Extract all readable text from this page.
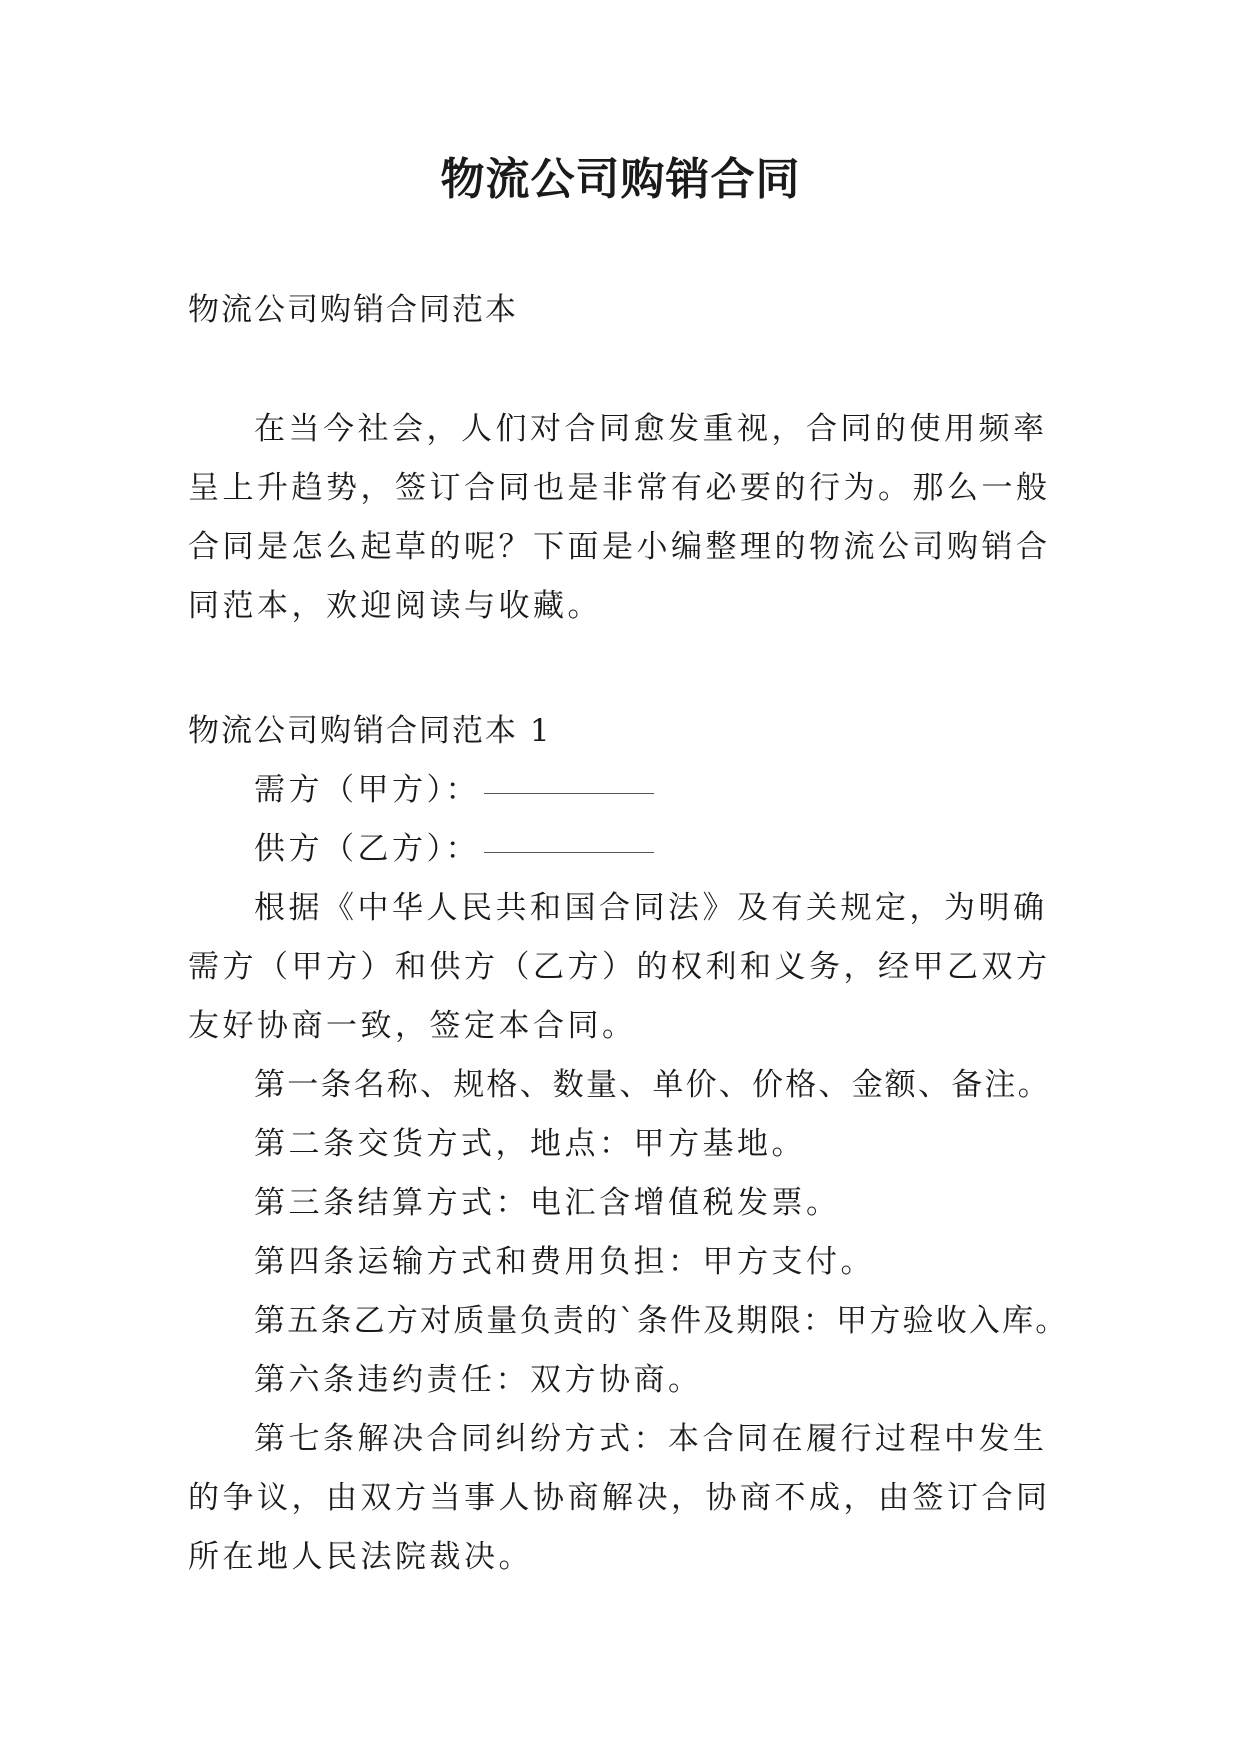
物流公司购销合同
物流公司购销合同范本

在当今社会，人们对合同愈发重视，合同的使用频率呈上升趋势，签订合同也是非常有必要的行为。那么一般合同是怎么起草的呢？下面是小编整理的物流公司购销合同范本，欢迎阅读与收藏。

物流公司购销合同范本 1

需方（甲方）： ___________

供方（乙方）： ___________

根据《中华人民共和国合同法》及有关规定，为明确需方（甲方）和供方（乙方）的权利和义务，经甲乙双方友好协商一致，签定本合同。

第一条名称、规格、数量、单价、价格、金额、备注。

第二条交货方式，地点：甲方基地。

第三条结算方式：电汇含增值税发票。

第四条运输方式和费用负担：甲方支付。

第五条乙方对质量负责的`条件及期限：甲方验收入库。

第六条违约责任：双方协商。

第七条解决合同纠纷方式：本合同在履行过程中发生的争议，由双方当事人协商解决，协商不成，由签订合同所在地人民法院裁决。
